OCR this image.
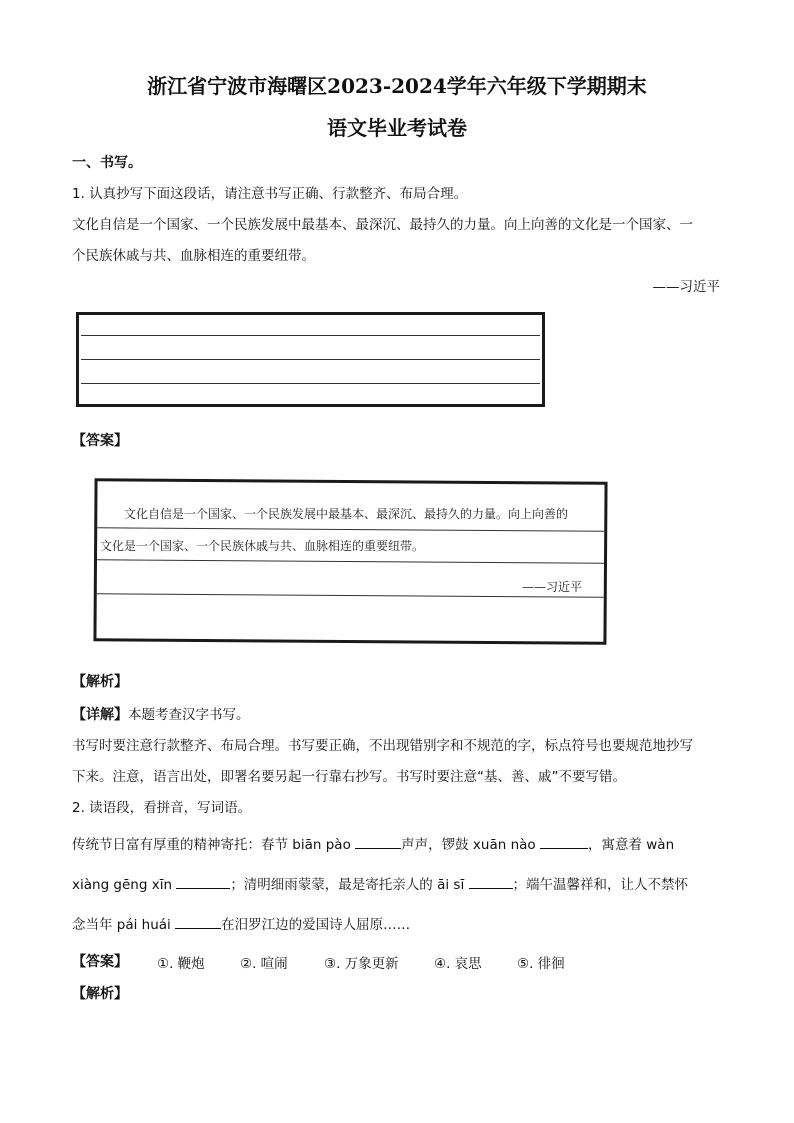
浙江省宁波市海曙区2023-2024学年六年级下学期期末
语文毕业考试卷
一、书写。
1. 认真抄写下面这段话，请注意书写正确、行款整齐、布局合理。
文化自信是一个国家、一个民族发展中最基本、最深沉、最持久的力量。向上向善的文化是一个国家、一
个民族休戚与共、血脉相连的重要纽带。
——习近平
【答案】
文化自信是一个国家、一个民族发展中最基本、最深沉、最持久的力量。向上向善的
文化是一个国家、一个民族休戚与共、血脉相连的重要纽带。
——习近平
【解析】
【详解】本题考查汉字书写。
书写时要注意行款整齐、布局合理。书写要正确，不出现错别字和不规范的字，标点符号也要规范地抄写
下来。注意，语言出处，即署名要另起一行靠右抄写。书写时要注意“基、善、戚”不要写错。
2. 读语段，看拼音，写词语。
传统节日富有厚重的精神寄托：春节 biān pào	声声，锣鼓 xuān nào	，寓意着 wàn
xiàng gēng xīn	；清明细雨蒙蒙，最是寄托亲人的 āi sī	；端午温馨祥和，让人不禁怀
念当年 pái huái	在汨罗江边的爱国诗人屈原……
【答案】 ①. 鞭炮	②. 喧闹	③. 万象更新	④. 哀思	⑤. 徘徊
【解析】
